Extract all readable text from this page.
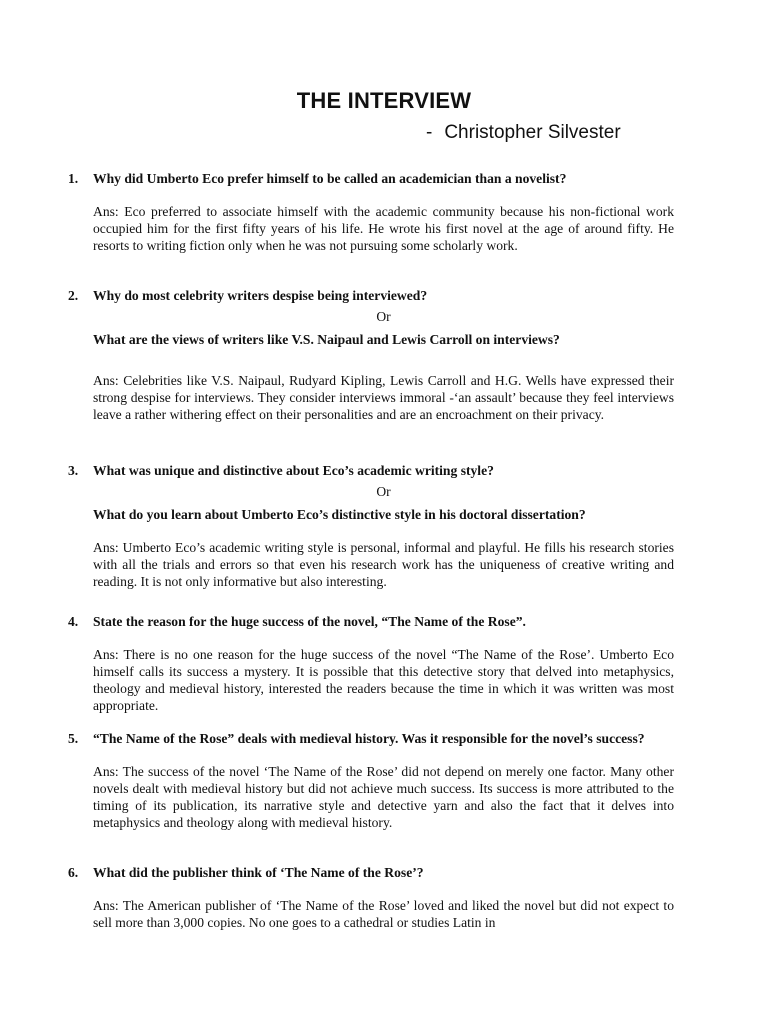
THE INTERVIEW
- Christopher Silvester
1.	Why did Umberto Eco prefer himself to be called an academician than a novelist?
Ans: Eco preferred to associate himself with the academic community because his non-fictional work occupied him for the first fifty years of his life. He wrote his first novel at the age of around fifty. He resorts to writing fiction only when he was not pursuing some scholarly work.
2.	Why do most celebrity writers despise being interviewed?
Or
What are the views of writers like V.S. Naipaul and Lewis Carroll on interviews?
Ans: Celebrities like V.S. Naipaul, Rudyard Kipling, Lewis Carroll and H.G. Wells have expressed their strong despise for interviews. They consider interviews immoral -‘an assault’ because they feel interviews leave a rather withering effect on their personalities and are an encroachment on their privacy.
3.	What was unique and distinctive about Eco’s academic writing style?
Or
What do you learn about Umberto Eco’s distinctive style in his doctoral dissertation?
Ans: Umberto Eco’s academic writing style is personal, informal and playful. He fills his research stories with all the trials and errors so that even his research work has the uniqueness of creative writing and reading. It is not only informative but also interesting.
4.	State the reason for the huge success of the novel, “The Name of the Rose”.
Ans: There is no one reason for the huge success of the novel “The Name of the Rose’. Umberto Eco himself calls its success a mystery. It is possible that this detective story that delved into metaphysics, theology and medieval history, interested the readers because the time in which it was written was most appropriate.
5.	“The Name of the Rose” deals with medieval history. Was it responsible for the novel’s success?
Ans: The success of the novel ‘The Name of the Rose’ did not depend on merely one factor. Many other novels dealt with medieval history but did not achieve much success. Its success is more attributed to the timing of its publication, its narrative style and detective yarn and also the fact that it delves into metaphysics and theology along with medieval history.
6.	What did the publisher think of ‘The Name of the Rose’?
Ans: The American publisher of ‘The Name of the Rose’ loved and liked the novel but did not expect to sell more than 3,000 copies. No one goes to a cathedral or studies Latin in
